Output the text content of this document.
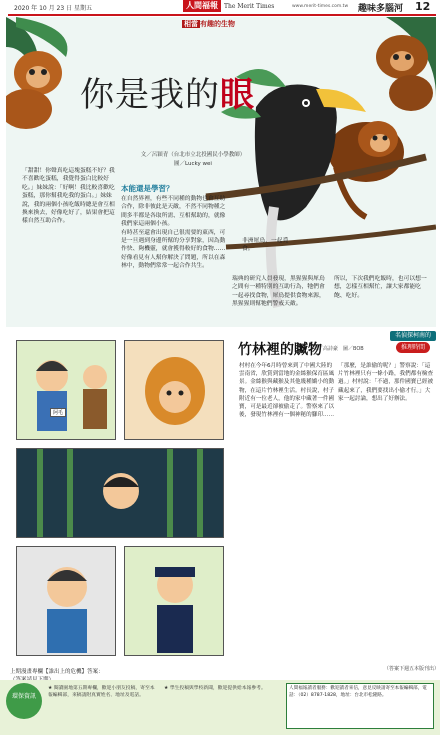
2020 年 10 月 23 日 星期五	人間福報	The Merit Times	www.merit-times.com.tw 趣味多腦河 12
相當 有趣的生物
你是我的眼
文／呂穎青（台北市立北投國民小學教師）
圖／Lucky wei

「甜甜！你聲真吃這塊蛋糕不好？我不喜歡吃蛋糕，我覺得蛋白比較好吃。」妹妹說：「好啊！我比較喜歡吃蛋糕，那你幫我吃我的蛋白。」妹妹說，我的兩個小孩吃飯時總是會互相換來換去，好像吃好了，結果會把這樣自然互助合作。

本能還是學習？

在自然界裡，有些不同種的動物也會互助合作，除非彼此是天敵，不然不同物種之間多半都是各取所需、互相幫助的，就像我們家這兩個小孩。

有時甚至還會出現自己很需要的東西，可是一旦遇到身邊所幫的分享對象，因為動作快、夠機靈，就會獲得較好的食物……好像看見有人幫你解決了問題，所以在森林中，動物們常常一起合作共生。

非洲犀鳥，一起覓食。
瑞典的研究人員發現，黑猩猩與犀鳥之間有一種特別的互助行為，牠們會一起尋找食物，犀鳥提供食物來源，黑猩猩則幫牠們警戒天敵。
所以，下次我們吃飯時，也可以想一想，怎樣互相幫忙，讓大家都能吃飽、吃好。
阿毛
名偵探柯南的
推理時間
竹林裡的贓物
文／高詩豪　圖／BOB
村村在今年6月時曾來到了中國大陸的雲南省，欣賞到當地的金絲猴保育區風景。金絲猴與藏猴及其他幾種嬌小的動物，在這片竹林裡生活。村長說，村子附近有一位老人，他的家中藏著一件國寶，可是最近卻被偷走了。警察來了以後，發現竹林裡有一個神秘的腳印……
「那麼，是誰偷的呢？」警察說：「這片竹林裡只有一條小路，我們都有檢查過。」村村說：「不過，那件國寶已經被藏起來了，我們要找出小偷才行。」大家一起討論，想出了好辦法。
（答案下週五本版刊出）
上期漫畫專欄【誰出上的危機】答案：
環保資訊
★ 閱讀園地第五期專欄，歡迎小朋友投稿，寄至本報編輯部，來稿請附真實姓名、地址及電話。
★ 學生投稿與學校新聞，歡迎提供給本報參考。	人間福報讀者服務：歡迎讀者來信，意見反映請寄至本報編輯部，電話：（02）8787-1828，地址：台北市松隆路。
